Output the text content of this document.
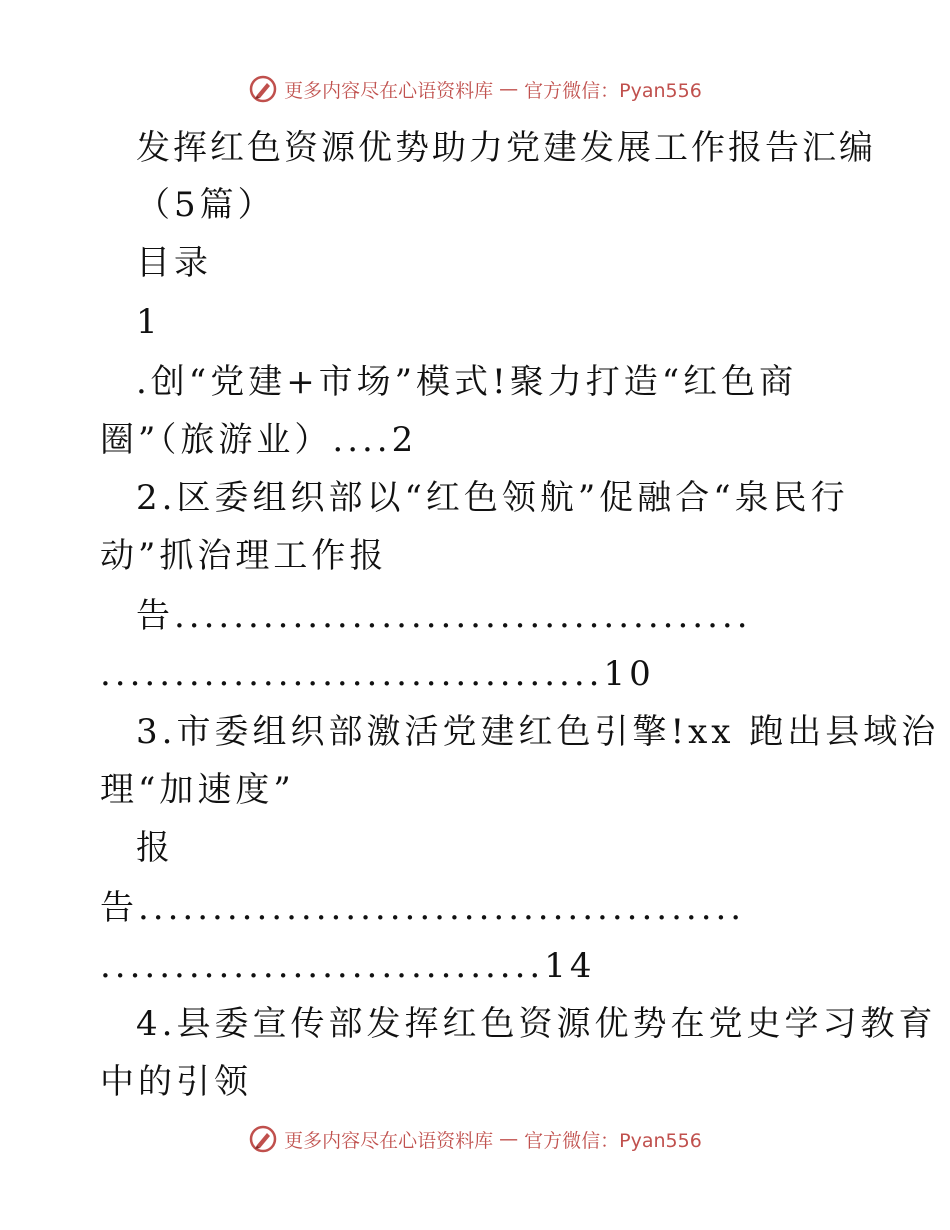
更多内容尽在心语资料库 — 官方微信：Pyan556
发挥红色资源优势助力党建发展工作报告汇编
（5篇）
目录
1
.创“党建+市场”模式!聚力打造“红色商
圈”（旅游业）....2
2.区委组织部以“红色领航”促融合“泉民行
动”抓治理工作报
告.......................................
..................................10
3.市委组织部激活党建红色引擎!xx 跑出县域治
理“加速度”
报
告.........................................
..............................14
4.县委宣传部发挥红色资源优势在党史学习教育
中的引领
更多内容尽在心语资料库 — 官方微信：Pyan556
